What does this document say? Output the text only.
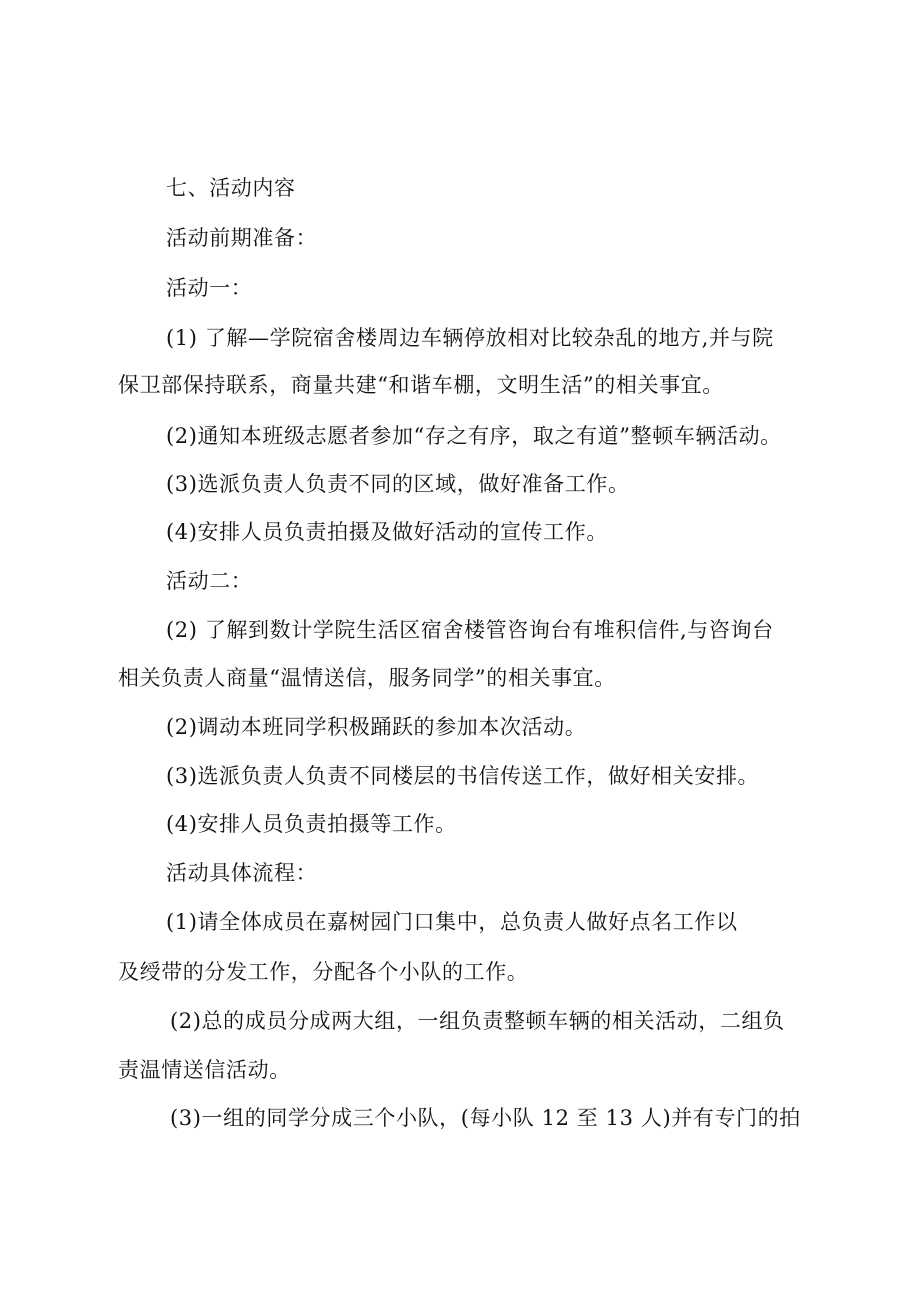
七、活动内容
活动前期准备：
活动一：
(1) 了解—学院宿舍楼周边车辆停放相对比较杂乱的地方,并与院
保卫部保持联系，商量共建“和谐车棚，文明生活”的相关事宜。
(2)通知本班级志愿者参加“存之有序，取之有道”整顿车辆活动。
(3)选派负责人负责不同的区域，做好准备工作。
(4)安排人员负责拍摄及做好活动的宣传工作。
活动二：
(2) 了解到数计学院生活区宿舍楼管咨询台有堆积信件,与咨询台
相关负责人商量“温情送信，服务同学”的相关事宜。
(2)调动本班同学积极踊跃的参加本次活动。
(3)选派负责人负责不同楼层的书信传送工作，做好相关安排。
(4)安排人员负责拍摄等工作。
活动具体流程：
(1)请全体成员在嘉树园门口集中，总负责人做好点名工作以
及绶带的分发工作，分配各个小队的工作。
(2)总的成员分成两大组，一组负责整顿车辆的相关活动，二组负
责温情送信活动。
(3)一组的同学分成三个小队，(每小队 12 至 13 人)并有专门的拍
